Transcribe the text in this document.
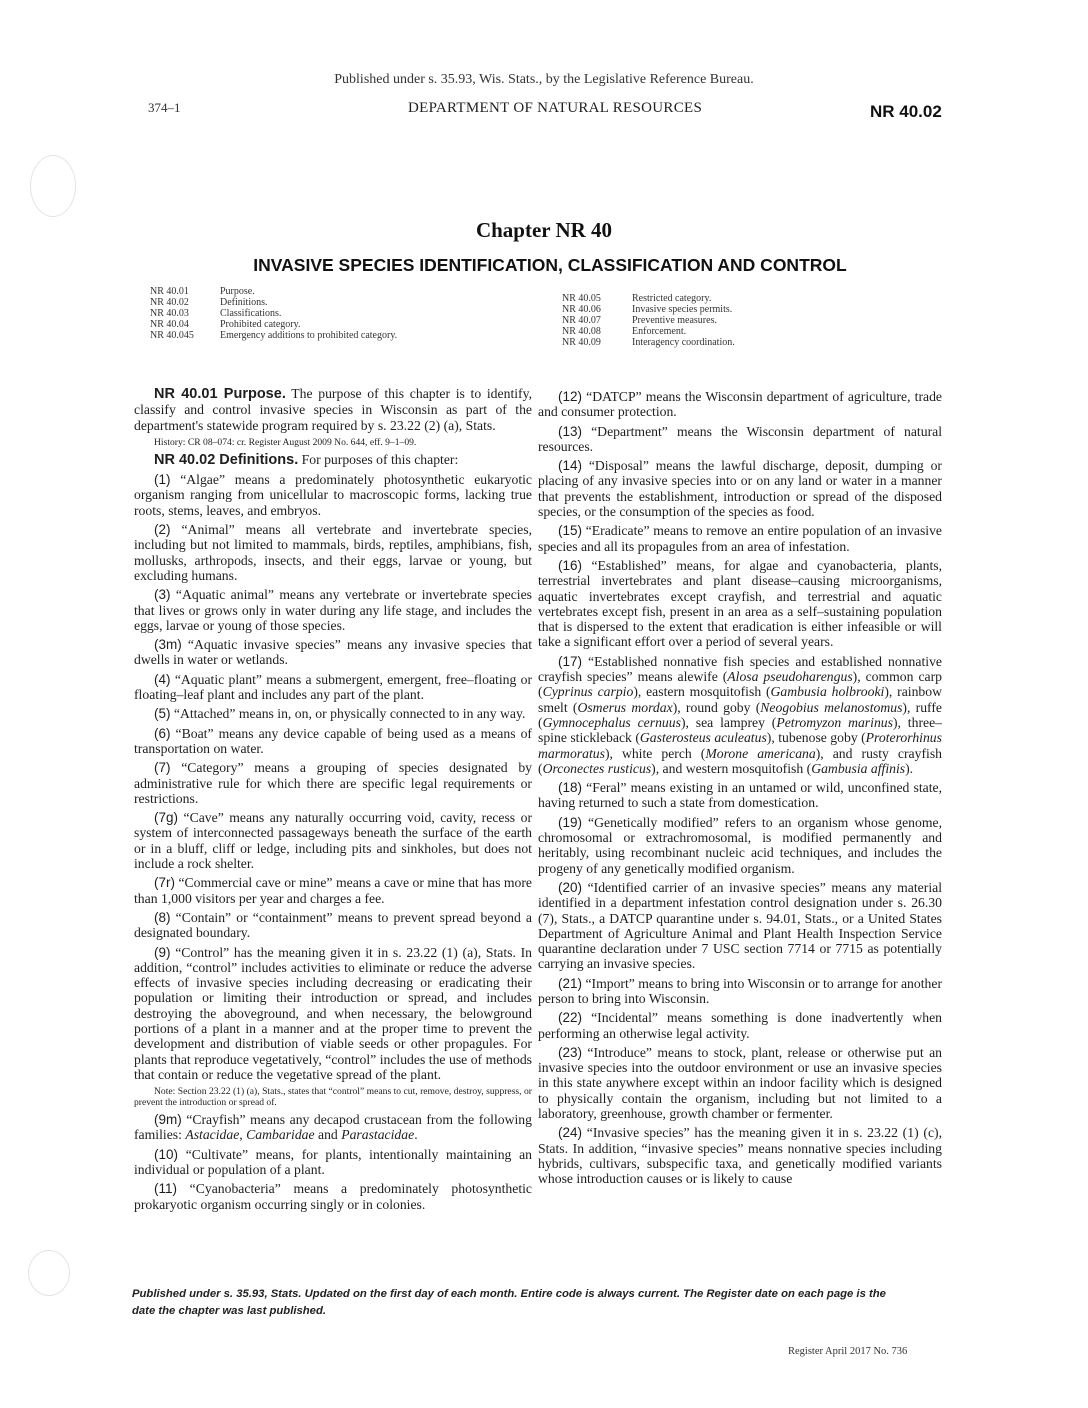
Published under s. 35.93, Wis. Stats., by the Legislative Reference Bureau.
374–1	DEPARTMENT OF NATURAL RESOURCES	NR 40.02
Chapter NR 40
INVASIVE SPECIES IDENTIFICATION, CLASSIFICATION AND CONTROL
NR 40.01	Purpose.
NR 40.02	Definitions.
NR 40.03	Classifications.
NR 40.04	Prohibited category.
NR 40.045	Emergency additions to prohibited category.
NR 40.05	Restricted category.
NR 40.06	Invasive species permits.
NR 40.07	Preventive measures.
NR 40.08	Enforcement.
NR 40.09	Interagency coordination.

NR 40.01 Purpose. The purpose of this chapter is to identify, classify and control invasive species in Wisconsin as part of the department's statewide program required by s. 23.22 (2) (a), Stats.

History: CR 08–074: cr. Register August 2009 No. 644, eff. 9–1–09.

NR 40.02 Definitions. For purposes of this chapter:

(1) “Algae” means a predominately photosynthetic eukaryotic organism ranging from unicellular to macroscopic forms, lacking true roots, stems, leaves, and embryos.

(2) “Animal” means all vertebrate and invertebrate species, including but not limited to mammals, birds, reptiles, amphibians, fish, mollusks, arthropods, insects, and their eggs, larvae or young, but excluding humans.

(3) “Aquatic animal” means any vertebrate or invertebrate species that lives or grows only in water during any life stage, and includes the eggs, larvae or young of those species.

(3m) “Aquatic invasive species” means any invasive species that dwells in water or wetlands.

(4) “Aquatic plant” means a submergent, emergent, free–floating or floating–leaf plant and includes any part of the plant.

(5) “Attached” means in, on, or physically connected to in any way.

(6) “Boat” means any device capable of being used as a means of transportation on water.

(7) “Category” means a grouping of species designated by administrative rule for which there are specific legal requirements or restrictions.

(7g) “Cave” means any naturally occurring void, cavity, recess or system of interconnected passageways beneath the surface of the earth or in a bluff, cliff or ledge, including pits and sinkholes, but does not include a rock shelter.

(7r) “Commercial cave or mine” means a cave or mine that has more than 1,000 visitors per year and charges a fee.

(8) “Contain” or “containment” means to prevent spread beyond a designated boundary.

(9) “Control” has the meaning given it in s. 23.22 (1) (a), Stats. In addition, “control” includes activities to eliminate or reduce the adverse effects of invasive species including decreasing or eradicating their population or limiting their introduction or spread, and includes destroying the aboveground, and when necessary, the belowground portions of a plant in a manner and at the proper time to prevent the development and distribution of viable seeds or other propagules. For plants that reproduce vegetatively, “control” includes the use of methods that contain or reduce the vegetative spread of the plant.

Note: Section 23.22 (1) (a), Stats., states that “control” means to cut, remove, destroy, suppress, or prevent the introduction or spread of.

(9m) “Crayfish” means any decapod crustacean from the following families: Astacidae, Cambaridae and Parastacidae.

(10) “Cultivate” means, for plants, intentionally maintaining an individual or population of a plant.

(11) “Cyanobacteria” means a predominately photosynthetic prokaryotic organism occurring singly or in colonies.

(12) “DATCP” means the Wisconsin department of agriculture, trade and consumer protection.

(13) “Department” means the Wisconsin department of natural resources.

(14) “Disposal” means the lawful discharge, deposit, dumping or placing of any invasive species into or on any land or water in a manner that prevents the establishment, introduction or spread of the disposed species, or the consumption of the species as food.

(15) “Eradicate” means to remove an entire population of an invasive species and all its propagules from an area of infestation.

(16) “Established” means, for algae and cyanobacteria, plants, terrestrial invertebrates and plant disease–causing microorganisms, aquatic invertebrates except crayfish, and terrestrial and aquatic vertebrates except fish, present in an area as a self–sustaining population that is dispersed to the extent that eradication is either infeasible or will take a significant effort over a period of several years.

(17) “Established nonnative fish species and established nonnative crayfish species” means alewife (Alosa pseudoharengus), common carp (Cyprinus carpio), eastern mosquitofish (Gambusia holbrooki), rainbow smelt (Osmerus mordax), round goby (Neogobius melanostomus), ruffe (Gymnocephalus cernuus), sea lamprey (Petromyzon marinus), three–spine stickleback (Gasterosteus aculeatus), tubenose goby (Proterorhinus marmoratus), white perch (Morone americana), and rusty crayfish (Orconectes rusticus), and western mosquitofish (Gambusia affinis).

(18) “Feral” means existing in an untamed or wild, unconfined state, having returned to such a state from domestication.

(19) “Genetically modified” refers to an organism whose genome, chromosomal or extrachromosomal, is modified permanently and heritably, using recombinant nucleic acid techniques, and includes the progeny of any genetically modified organism.

(20) “Identified carrier of an invasive species” means any material identified in a department infestation control designation under s. 26.30 (7), Stats., a DATCP quarantine under s. 94.01, Stats., or a United States Department of Agriculture Animal and Plant Health Inspection Service quarantine declaration under 7 USC section 7714 or 7715 as potentially carrying an invasive species.

(21) “Import” means to bring into Wisconsin or to arrange for another person to bring into Wisconsin.

(22) “Incidental” means something is done inadvertently when performing an otherwise legal activity.

(23) “Introduce” means to stock, plant, release or otherwise put an invasive species into the outdoor environment or use an invasive species in this state anywhere except within an indoor facility which is designed to physically contain the organism, including but not limited to a laboratory, greenhouse, growth chamber or fermenter.

(24) “Invasive species” has the meaning given it in s. 23.22 (1) (c), Stats. In addition, “invasive species” means nonnative species including hybrids, cultivars, subspecific taxa, and genetically modified variants whose introduction causes or is likely to cause

Published under s. 35.93, Stats. Updated on the first day of each month. Entire code is always current. The Register date on each page is the date the chapter was last published.
Register April 2017 No. 736
